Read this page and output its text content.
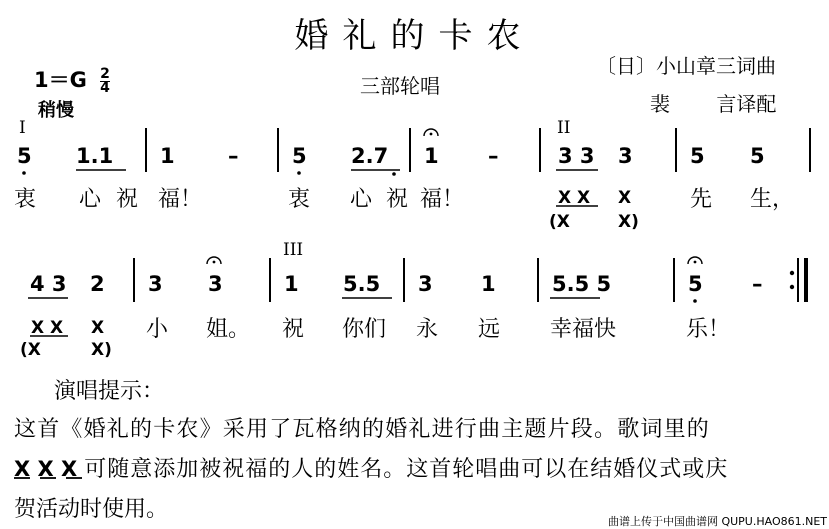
婚礼的卡农
$1=G \frac{2}{4}$
稍慢
三部轮唱
〔日〕小山章三词曲
裴 言译配
I	II
III
5 1.1 1	–	5 2.7 1 –	3 3 3	5 5
衷 心 祝 福！	衷 心 祝 福！	X X X
(X	X)
先 生，
4 3 2 3 3	1 5.5 3 1	5.5 5	5 –
X X X
(X	X)
小 姐。 祝 你们 永 远 幸福快	乐！
演唱提示：
这首《婚礼的卡农》采用了瓦格纳的婚礼进行曲主题片段。歌词里的
X X X 可随意添加被祝福的人的姓名。这首轮唱曲可以在结婚仪式或庆
贺活动时使用。	曲谱上传于中国曲谱网 QUPU.HAO861.NET
